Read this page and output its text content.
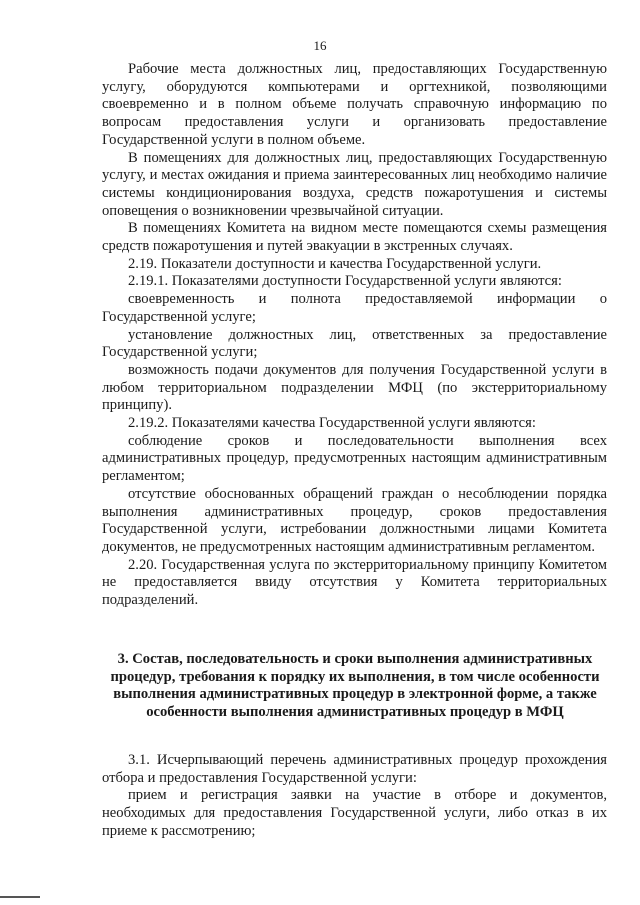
16

Рабочие места должностных лиц, предоставляющих Государственную услугу, оборудуются компьютерами и оргтехникой, позволяющими своевременно и в полном объеме получать справочную информацию по вопросам предоставления услуги и организовать предоставление Государственной услуги в полном объеме.

В помещениях для должностных лиц, предоставляющих Государственную услугу, и местах ожидания и приема заинтересованных лиц необходимо наличие системы кондиционирования воздуха, средств пожаротушения и системы оповещения о возникновении чрезвычайной ситуации.

В помещениях Комитета на видном месте помещаются схемы размещения средств пожаротушения и путей эвакуации в экстренных случаях.

2.19. Показатели доступности и качества Государственной услуги.

2.19.1. Показателями доступности Государственной услуги являются:

своевременность и полнота предоставляемой информации о Государственной услуге;

установление должностных лиц, ответственных за предоставление Государственной услуги;

возможность подачи документов для получения Государственной услуги в любом территориальном подразделении МФЦ (по экстерриториальному принципу).

2.19.2. Показателями качества Государственной услуги являются:

соблюдение сроков и последовательности выполнения всех административных процедур, предусмотренных настоящим административным регламентом;

отсутствие обоснованных обращений граждан о несоблюдении порядка выполнения административных процедур, сроков предоставления Государственной услуги, истребовании должностными лицами Комитета документов, не предусмотренных настоящим административным регламентом.

2.20. Государственная услуга по экстерриториальному принципу Комитетом не предоставляется ввиду отсутствия у Комитета территориальных подразделений.

3. Состав, последовательность и сроки выполнения административных процедур, требования к порядку их выполнения, в том числе особенности выполнения административных процедур в электронной форме, а также особенности выполнения административных процедур в МФЦ

3.1. Исчерпывающий перечень административных процедур прохождения отбора и предоставления Государственной услуги:

прием и регистрация заявки на участие в отборе и документов, необходимых для предоставления Государственной услуги, либо отказ в их приеме к рассмотрению;
